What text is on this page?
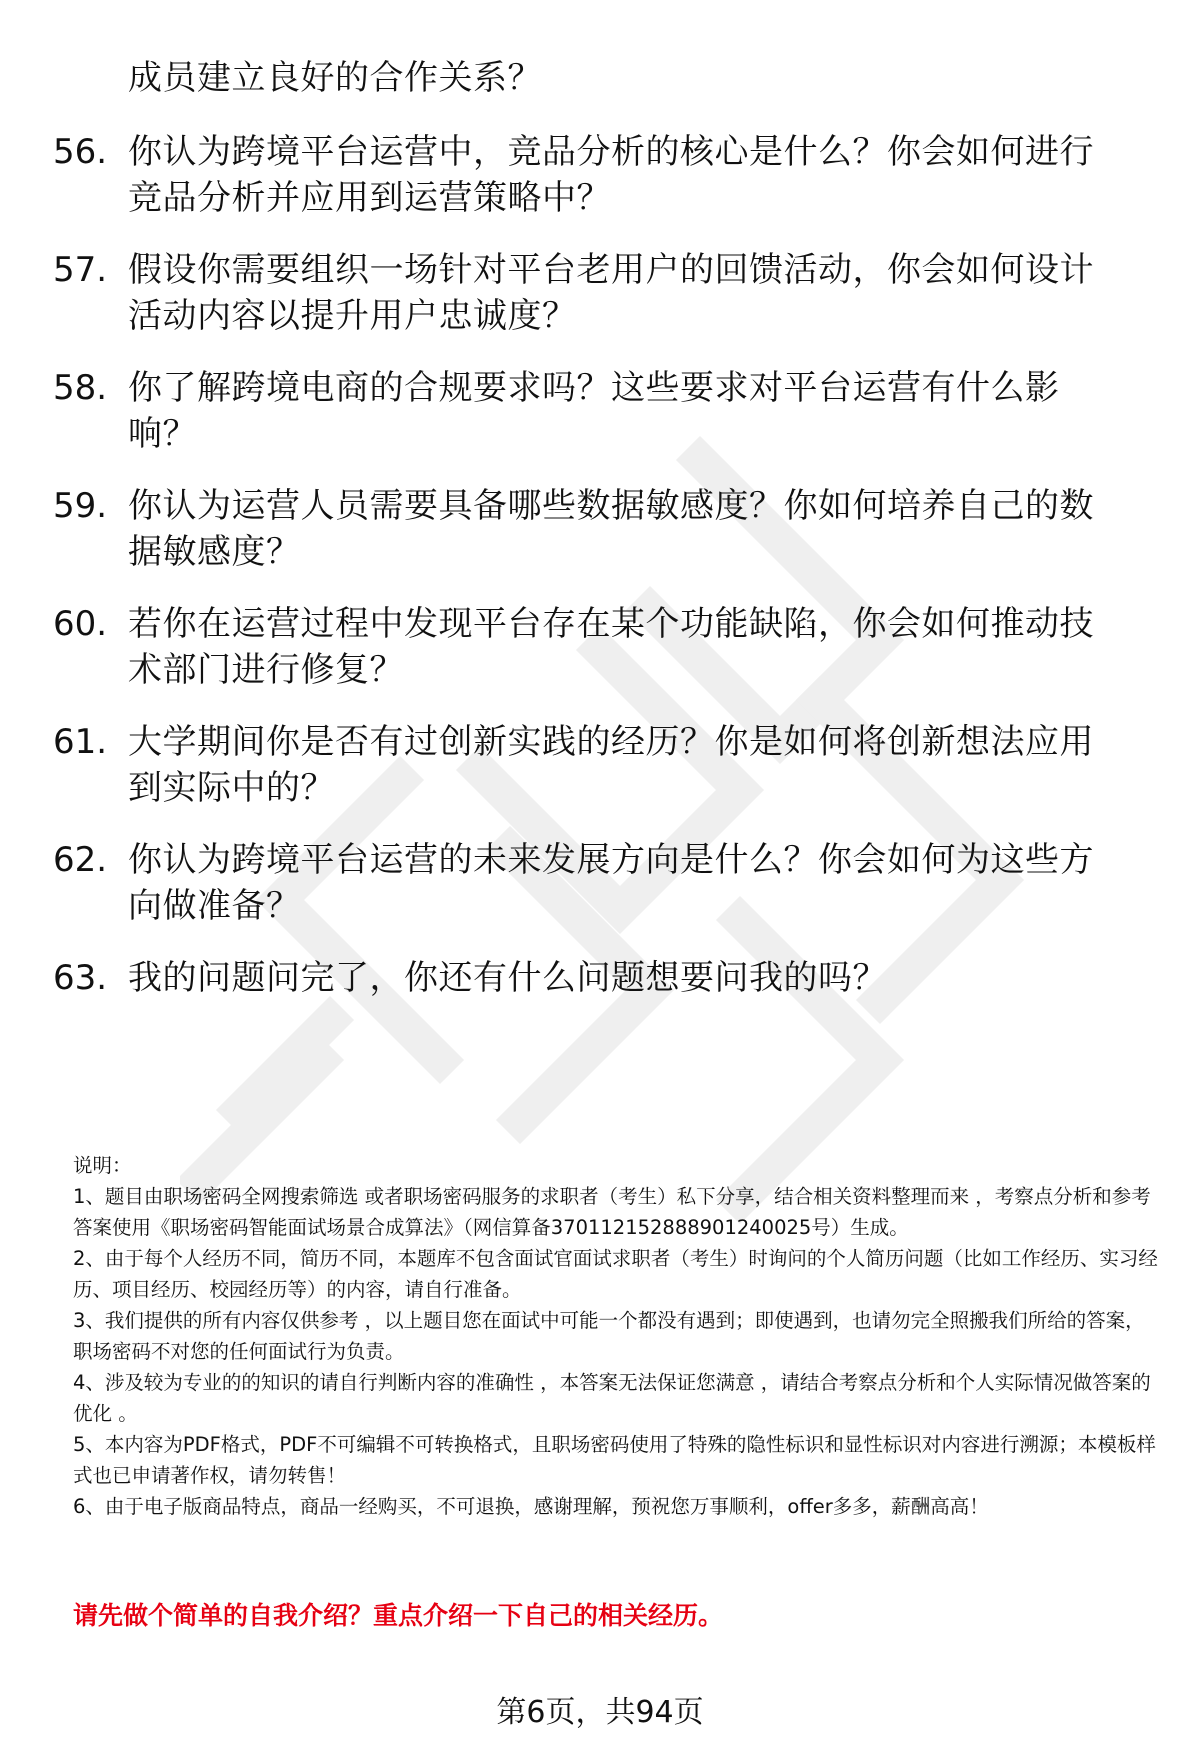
成员建立良好的合作关系？
56. 你认为跨境平台运营中，竞品分析的核心是什么？你会如何进行
竞品分析并应用到运营策略中？
57. 假设你需要组织一场针对平台老用户的回馈活动，你会如何设计
活动内容以提升用户忠诚度？
58. 你了解跨境电商的合规要求吗？这些要求对平台运营有什么影
响？
59. 你认为运营人员需要具备哪些数据敏感度？你如何培养自己的数
据敏感度？
60. 若你在运营过程中发现平台存在某个功能缺陷，你会如何推动技
术部门进行修复？
61. 大学期间你是否有过创新实践的经历？你是如何将创新想法应用
到实际中的？
62. 你认为跨境平台运营的未来发展方向是什么？你会如何为这些方
向做准备？
63. 我的问题问完了，你还有什么问题想要问我的吗？

说明：

1、题目由职场密码全网搜索筛选 或者职场密码服务的求职者（考生）私下分享，结合相关资料整理而来 ，考察点分析和参考答案使用《职场密码智能面试场景合成算法》（网信算备370112152888901240025号）生成。

2、由于每个人经历不同，简历不同，本题库不包含面试官面试求职者（考生）时询问的个人简历问题（比如工作经历、实习经历、项目经历、校园经历等）的内容，请自行准备。

3、我们提供的所有内容仅供参考 ，以上题目您在面试中可能一个都没有遇到；即使遇到，也请勿完全照搬我们所给的答案，职场密码不对您的任何面试行为负责。

4、涉及较为专业的的知识的请自行判断内容的准确性 ，本答案无法保证您满意 ，请结合考察点分析和个人实际情况做答案的优化 。

5、本内容为PDF格式，PDF不可编辑不可转换格式，且职场密码使用了特殊的隐性标识和显性标识对内容进行溯源；本模板样式也已申请著作权，请勿转售！

6、由于电子版商品特点，商品一经购买，不可退换，感谢理解，预祝您万事顺利，offer多多，薪酬高高！

请先做个简单的自我介绍？重点介绍一下自己的相关经历。
第6页，共94页
